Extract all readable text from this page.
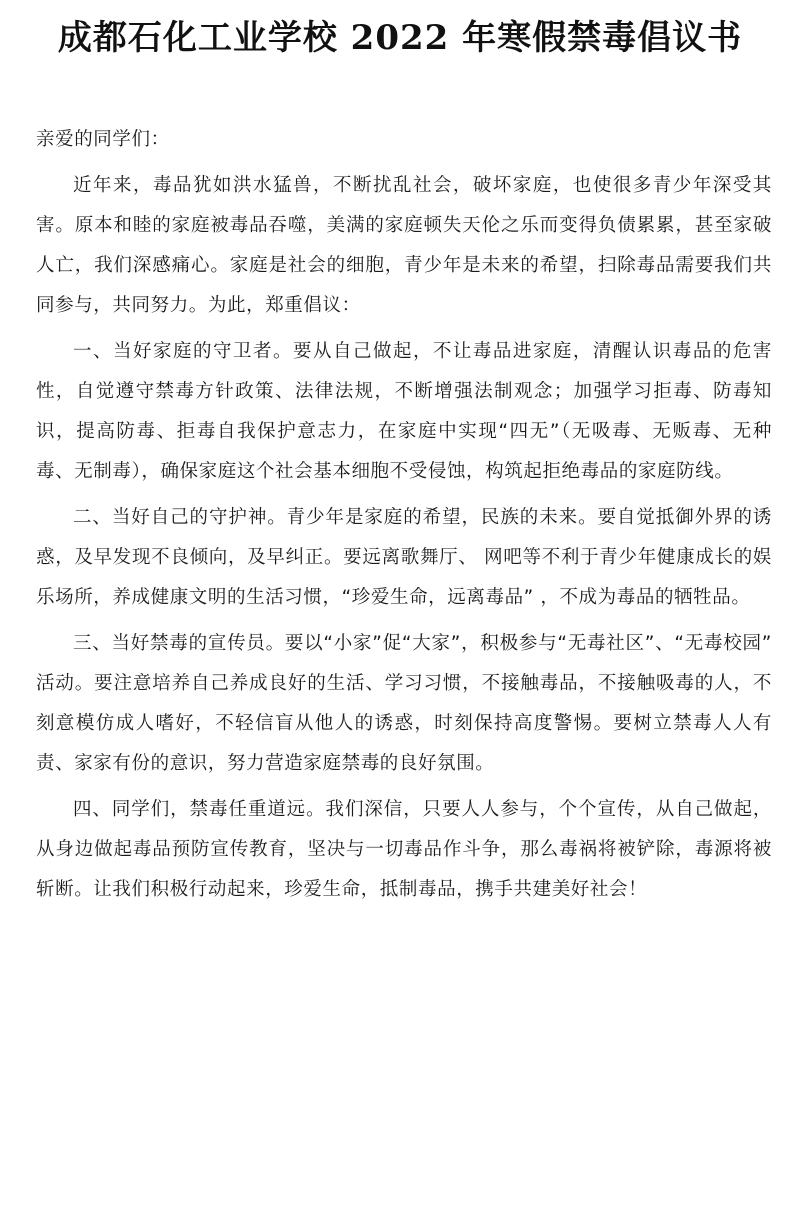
成都石化工业学校 2022 年寒假禁毒倡议书

亲爱的同学们：

近年来，毒品犹如洪水猛兽，不断扰乱社会，破坏家庭，也使很多青少年深受其害。原本和睦的家庭被毒品吞噬，美满的家庭顿失天伦之乐而变得负债累累，甚至家破人亡，我们深感痛心。家庭是社会的细胞，青少年是未来的希望，扫除毒品需要我们共同参与，共同努力。为此，郑重倡议：

一、当好家庭的守卫者。要从自己做起，不让毒品进家庭，清醒认识毒品的危害性，自觉遵守禁毒方针政策、法律法规，不断增强法制观念；加强学习拒毒、防毒知识，提高防毒、拒毒自我保护意志力，在家庭中实现“四无”（无吸毒、无贩毒、无种毒、无制毒），确保家庭这个社会基本细胞不受侵蚀，构筑起拒绝毒品的家庭防线。

二、当好自己的守护神。青少年是家庭的希望，民族的未来。要自觉抵御外界的诱惑，及早发现不良倾向，及早纠正。要远离歌舞厅、 网吧等不利于青少年健康成长的娱乐场所，养成健康文明的生活习惯，“珍爱生命，远离毒品” ，不成为毒品的牺牲品。

三、当好禁毒的宣传员。要以“小家”促“大家”，积极参与“无毒社区”、“无毒校园” 活动。要注意培养自己养成良好的生活、学习习惯，不接触毒品，不接触吸毒的人，不刻意模仿成人嗜好，不轻信盲从他人的诱惑，时刻保持高度警惕。要树立禁毒人人有责、家家有份的意识，努力营造家庭禁毒的良好氛围。

四、同学们，禁毒任重道远。我们深信，只要人人参与，个个宣传，从自己做起，从身边做起毒品预防宣传教育，坚决与一切毒品作斗争，那么毒祸将被铲除，毒源将被斩断。让我们积极行动起来，珍爱生命，抵制毒品，携手共建美好社会！
